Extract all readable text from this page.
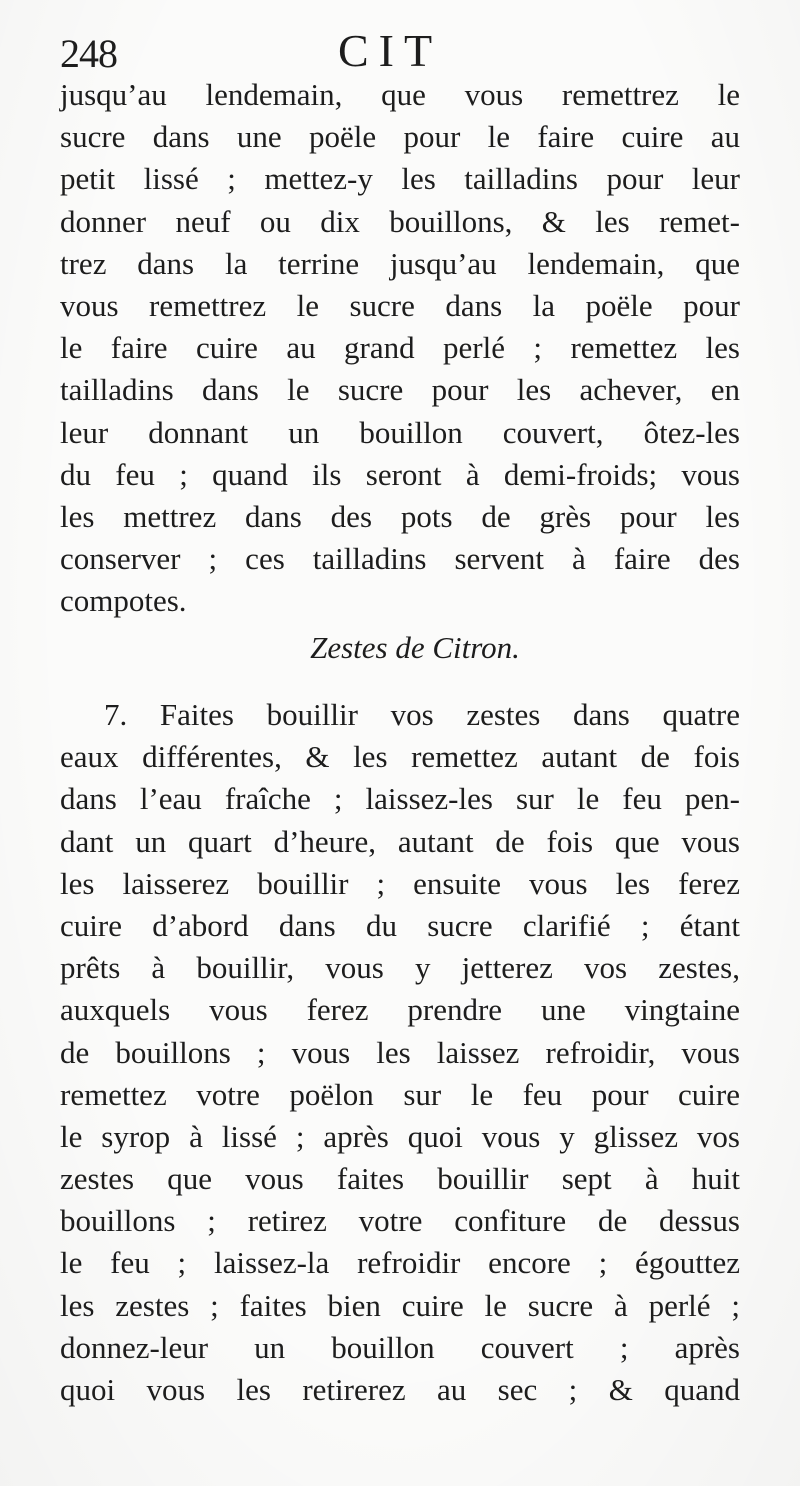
248	CIT
jusqu’au lendemain, que vous remettrez le
sucre dans une poële pour le faire cuire au
petit lissé ; mettez-y les tailladins pour leur
donner neuf ou dix bouillons, & les remet-
trez dans la terrine jusqu’au lendemain, que
vous remettrez le sucre dans la poële pour
le faire cuire au grand perlé ; remettez les
tailladins dans le sucre pour les achever, en
leur donnant un bouillon couvert, ôtez-les
du feu ; quand ils seront à demi-froids; vous
les mettrez dans des pots de grès pour les
conserver ; ces tailladins servent à faire des
compotes.
Zestes de Citron.
7. Faites bouillir vos zestes dans quatre
eaux différentes, & les remettez autant de fois
dans l’eau fraîche ; laissez-les sur le feu pen-
dant un quart d’heure, autant de fois que vous
les laisserez bouillir ; ensuite vous les ferez
cuire d’abord dans du sucre clarifié ; étant
prêts à bouillir, vous y jetterez vos zestes,
auxquels vous ferez prendre une vingtaine
de bouillons ; vous les laissez refroidir, vous
remettez votre poëlon sur le feu pour cuire
le syrop à lissé ; après quoi vous y glissez vos
zestes que vous faites bouillir sept à huit
bouillons ; retirez votre confiture de dessus
le feu ; laissez-la refroidir encore ; égouttez
les zestes ; faites bien cuire le sucre à perlé ;
donnez-leur un bouillon couvert ; après
quoi vous les retirerez au sec ; & quand
